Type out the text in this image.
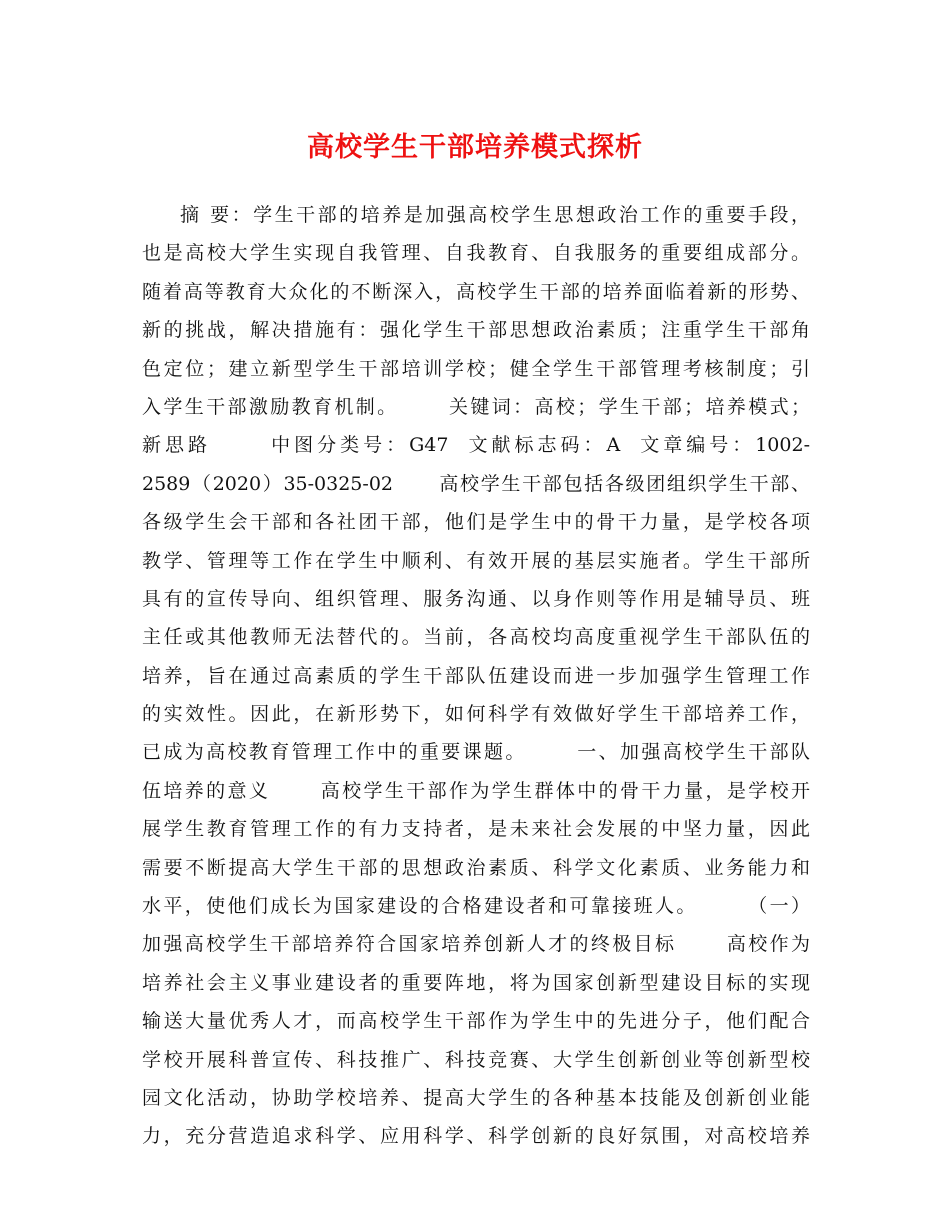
高校学生干部培养模式探析
摘 要：学生干部的培养是加强高校学生思想政治工作的重要手段，
也是高校大学生实现自我管理、自我教育、自我服务的重要组成部分。
随着高等教育大众化的不断深入，高校学生干部的培养面临着新的形势、
新的挑战，解决措施有：强化学生干部思想政治素质；注重学生干部角
色定位；建立新型学生干部培训学校；健全学生干部管理考核制度；引
入学生干部激励教育机制。      关键词：高校；学生干部；培养模式；
新思路      中图分类号：G47  文献标志码：A  文章编号：1002-
2589（2020）35-0325-02      高校学生干部包括各级团组织学生干部、
各级学生会干部和各社团干部，他们是学生中的骨干力量，是学校各项
教学、管理等工作在学生中顺利、有效开展的基层实施者。学生干部所
具有的宣传导向、组织管理、服务沟通、以身作则等作用是辅导员、班
主任或其他教师无法替代的。当前，各高校均高度重视学生干部队伍的
培养，旨在通过高素质的学生干部队伍建设而进一步加强学生管理工作
的实效性。因此，在新形势下，如何科学有效做好学生干部培养工作，
已成为高校教育管理工作中的重要课题。      一、加强高校学生干部队
伍培养的意义      高校学生干部作为学生群体中的骨干力量，是学校开
展学生教育管理工作的有力支持者，是未来社会发展的中坚力量，因此
需要不断提高大学生干部的思想政治素质、科学文化素质、业务能力和
水平，使他们成长为国家建设的合格建设者和可靠接班人。      （一）
加强高校学生干部培养符合国家培养创新人才的终极目标      高校作为
培养社会主义事业建设者的重要阵地，将为国家创新型建设目标的实现
输送大量优秀人才，而高校学生干部作为学生中的先进分子，他们配合
学校开展科普宣传、科技推广、科技竞赛、大学生创新创业等创新型校
园文化活动，协助学校培养、提高大学生的各种基本技能及创新创业能
力，充分营造追求科学、应用科学、科学创新的良好氛围，对高校培养
